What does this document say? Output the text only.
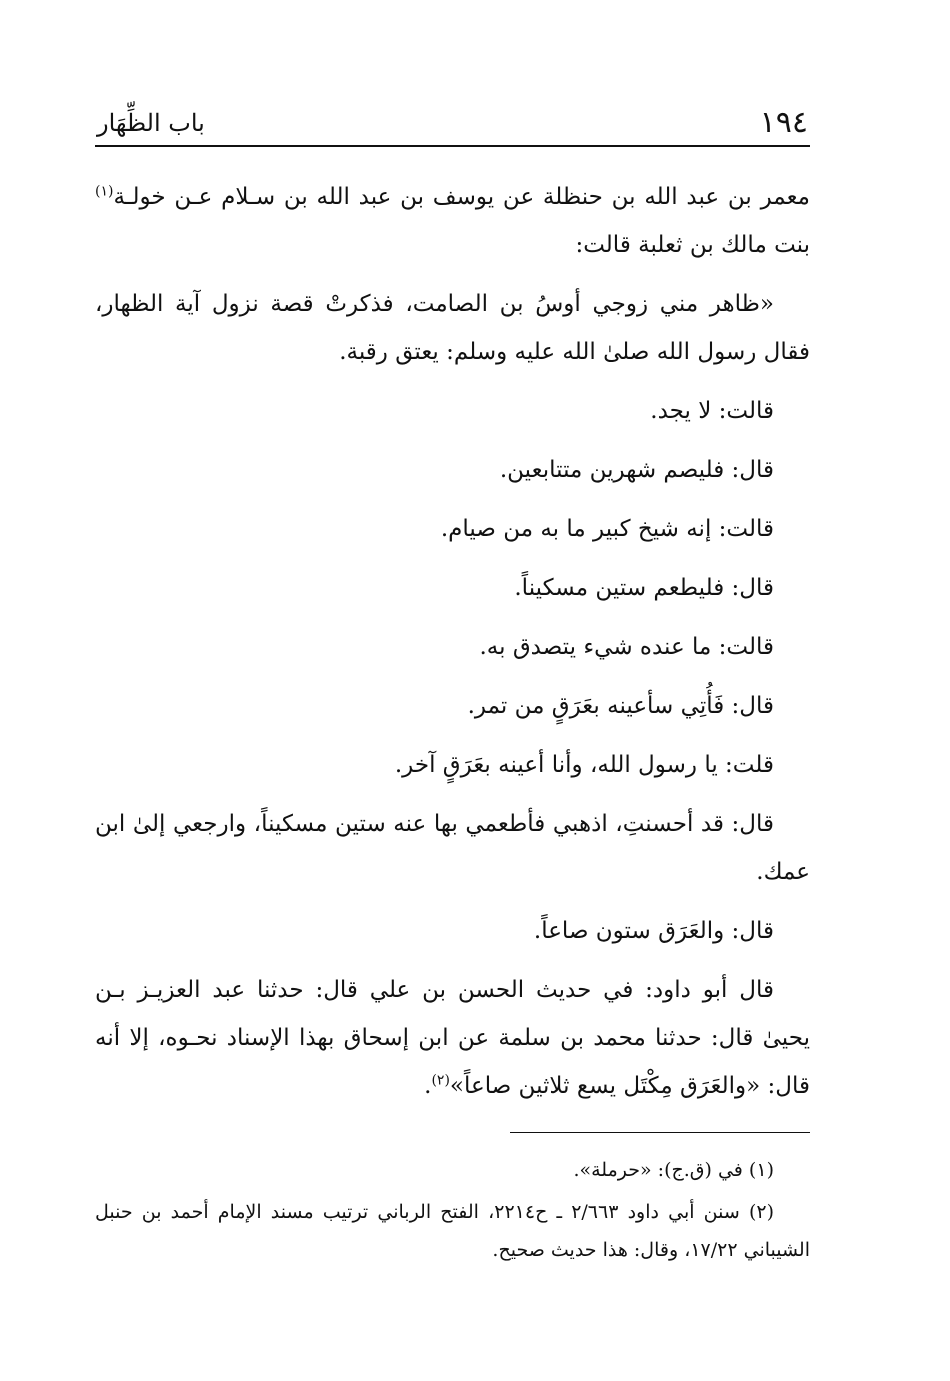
١٩٤
باب الظِّهَار

معمر بن عبد الله بن حنظلة عن يوسف بن عبد الله بن سـلام عـن خولـة$^{(١)}$ بنت مالك بن ثعلبة قالت:

«ظاهر مني زوجي أوسُ بن الصامت، فذكرتْ قصة نزول آية الظهار، فقال رسول الله صلىٰ الله عليه وسلم: يعتق رقبة.

قالت: لا يجد.

قال: فليصم شهرين متتابعين.

قالت: إنه شيخ كبير ما به من صيام.

قال: فليطعم ستين مسكيناً.

قالت: ما عنده شيء يتصدق به.

قال: فَأُتِي سأعينه بعَرَقٍ من تمر.

قلت: يا رسول الله، وأنا أعينه بعَرَقٍ آخر.

قال: قد أحسنتِ، اذهبي فأطعمي بها عنه ستين مسكيناً، وارجعي إلىٰ ابن عمك.

قال: والعَرَق ستون صاعاً.

قال أبو داود: في حديث الحسن بن علي قال: حدثنا عبد العزيـز بـن يحيىٰ قال: حدثنا محمد بن سلمة عن ابن إسحاق بهذا الإسناد نحـوه، إلا أنه قال: «والعَرَق مِكْتَل يسع ثلاثين صاعاً»$^{(٢)}$.

(١) في (ق.ج): «حرملة».

(٢) سنن أبي داود ٢/٦٦٣ ـ ح٢٢١٤، الفتح الرباني ترتيب مسند الإمام أحمد بن حنبل الشيباني ١٧/٢٢، وقال: هذا حديث صحيح.
